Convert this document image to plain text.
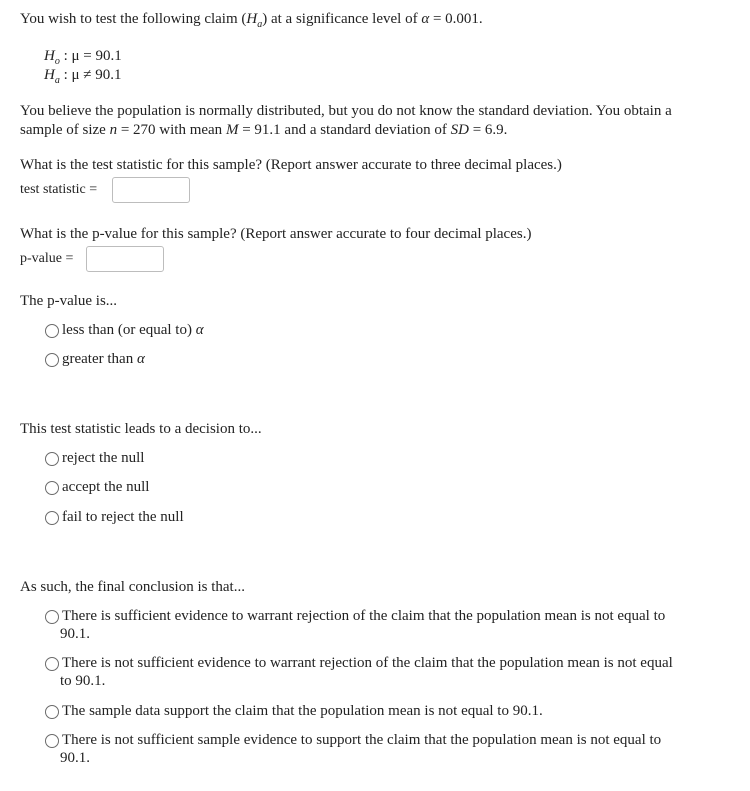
You wish to test the following claim $(H_a)$ at a significance level of α = 0.001.
$H_o$ : μ = 90.1
$H_a$ : μ ≠ 90.1
You believe the population is normally distributed, but you do not know the standard deviation. You obtain a
sample of size n = 270 with mean M = 91.1 and a standard deviation of SD = 6.9.
What is the test statistic for this sample? (Report answer accurate to three decimal places.)
test statistic =
What is the p-value for this sample? (Report answer accurate to four decimal places.)
p-value =
The p-value is...
less than (or equal to) α
greater than α
This test statistic leads to a decision to...
reject the null
accept the null
fail to reject the null
As such, the final conclusion is that...
There is sufficient evidence to warrant rejection of the claim that the population mean is not equal to
90.1.
There is not sufficient evidence to warrant rejection of the claim that the population mean is not equal
to 90.1.
The sample data support the claim that the population mean is not equal to 90.1.
There is not sufficient sample evidence to support the claim that the population mean is not equal to
90.1.
